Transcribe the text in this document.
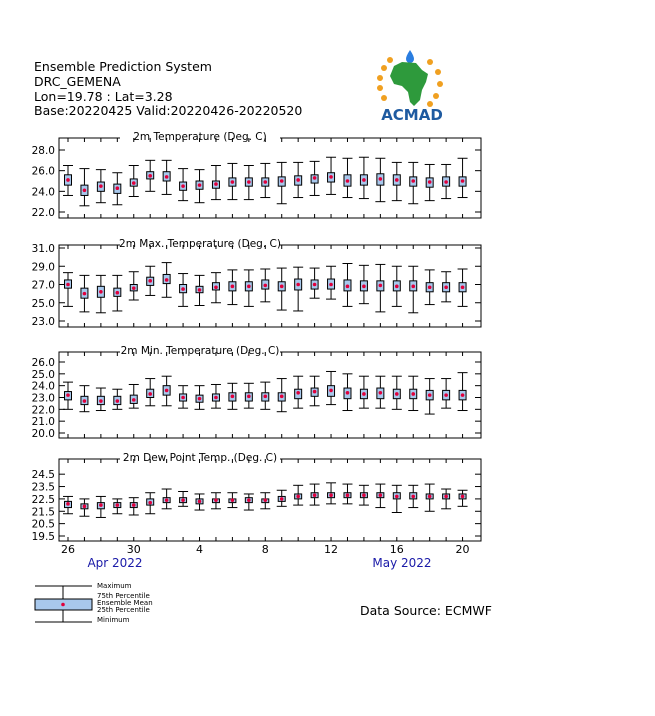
Ensemble Prediction System
DRC_GEMENA
Lon=19.78 : Lat=3.28
Base:20220425 Valid:20220426-20220520	ACMAD
2m Temperature (Deg. C)
28.0
26.0
24.0
22.0
2m Max. Temperature (Deg. C)
31.0
29.0
27.0
25.0
23.0
2m Min. Temperature (Deg. C)
26.0
25.0
24.0
23.0
22.0
21.0
20.0
2m Dew Point Temp. (Deg. C)
24.5
23.5
22.5
21.5
20.5
19.5
26	30	4	8	12	16	20
Apr 2022	May 2022
Maximum
75th Percentile
Ensemble Mean
25th Percentile
Minimum
Data Source: ECMWF
